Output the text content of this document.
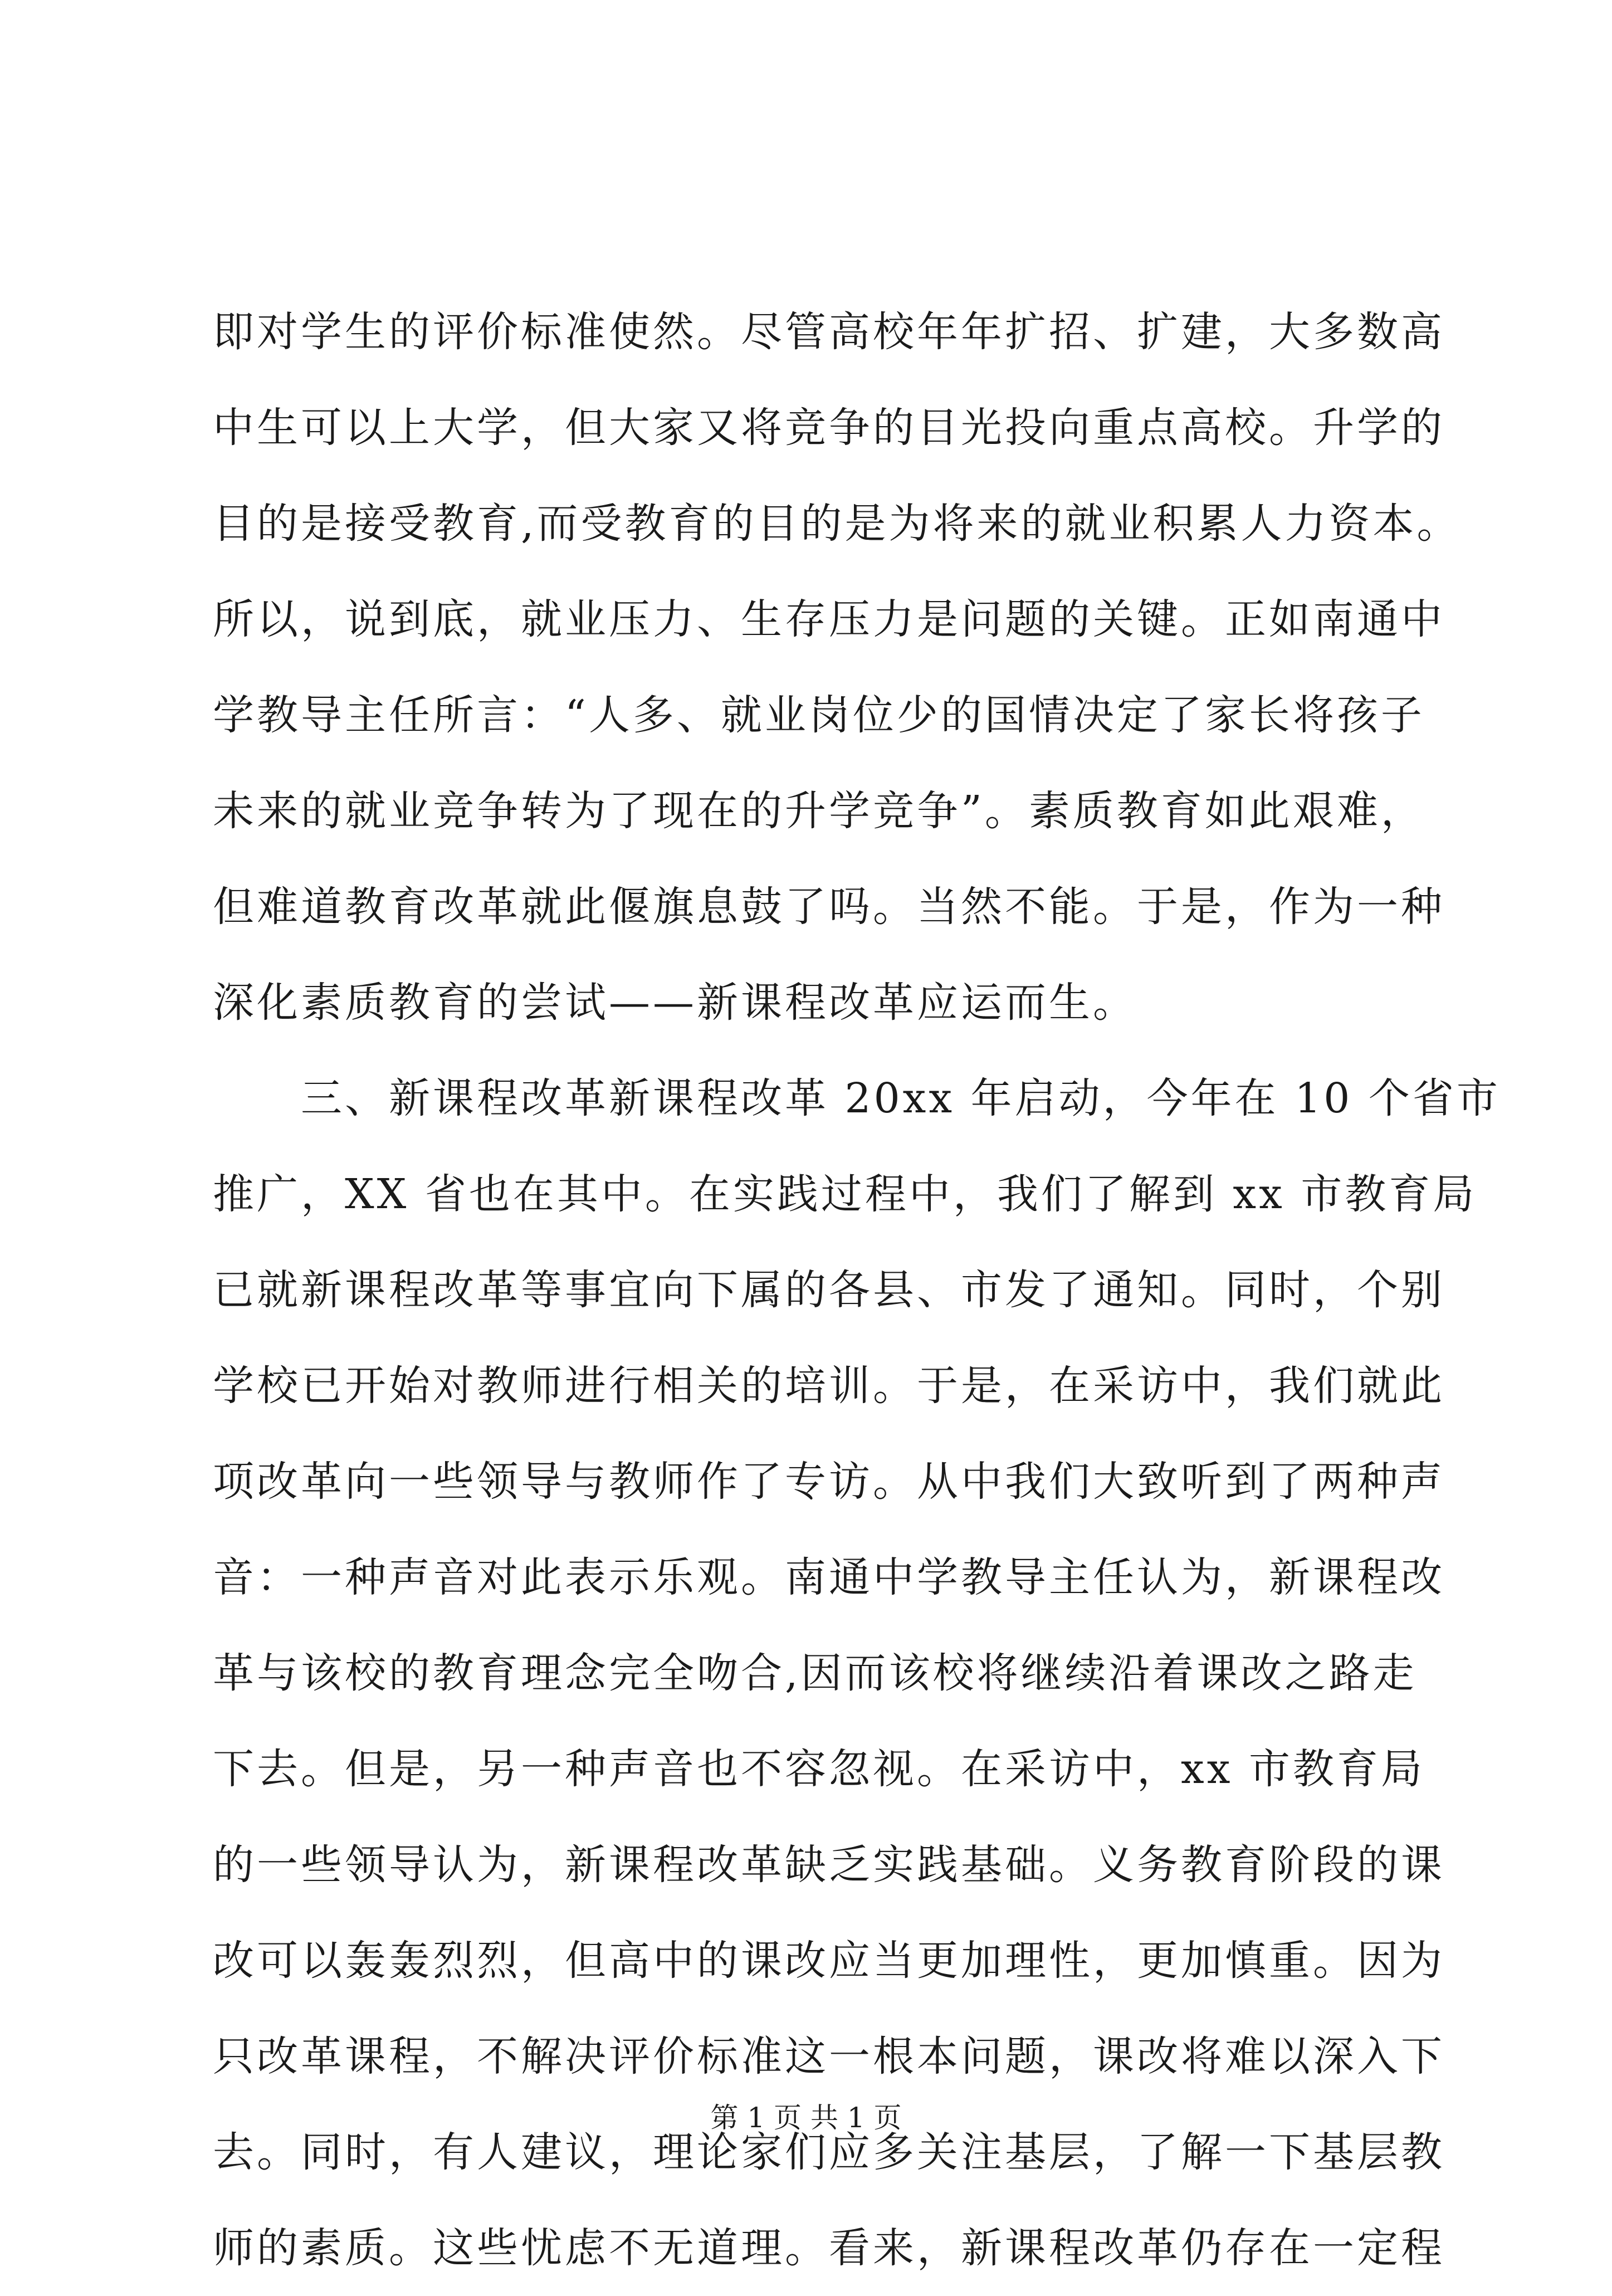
即对学生的评价标准使然。尽管高校年年扩招、扩建，大多数高
中生可以上大学，但大家又将竞争的目光投向重点高校。升学的
目的是接受教育,而受教育的目的是为将来的就业积累人力资本。
所以，说到底，就业压力、生存压力是问题的关键。正如南通中
学教导主任所言：“人多、就业岗位少的国情决定了家长将孩子
未来的就业竞争转为了现在的升学竞争”。素质教育如此艰难，
但难道教育改革就此偃旗息鼓了吗。当然不能。于是，作为一种
深化素质教育的尝试——新课程改革应运而生。
三、新课程改革新课程改革 20xx 年启动，今年在 10 个省市
推广，XX 省也在其中。在实践过程中，我们了解到 xx 市教育局
已就新课程改革等事宜向下属的各县、市发了通知。同时，个别
学校已开始对教师进行相关的培训。于是，在采访中，我们就此
项改革向一些领导与教师作了专访。从中我们大致听到了两种声
音：一种声音对此表示乐观。南通中学教导主任认为，新课程改
革与该校的教育理念完全吻合,因而该校将继续沿着课改之路走
下去。但是，另一种声音也不容忽视。在采访中，xx 市教育局
的一些领导认为，新课程改革缺乏实践基础。义务教育阶段的课
改可以轰轰烈烈，但高中的课改应当更加理性，更加慎重。因为
只改革课程，不解决评价标准这一根本问题，课改将难以深入下
去。同时，有人建议，理论家们应多关注基层，了解一下基层教
师的素质。这些忧虑不无道理。看来，新课程改革仍存在一定程
第 1 页 共 1 页
